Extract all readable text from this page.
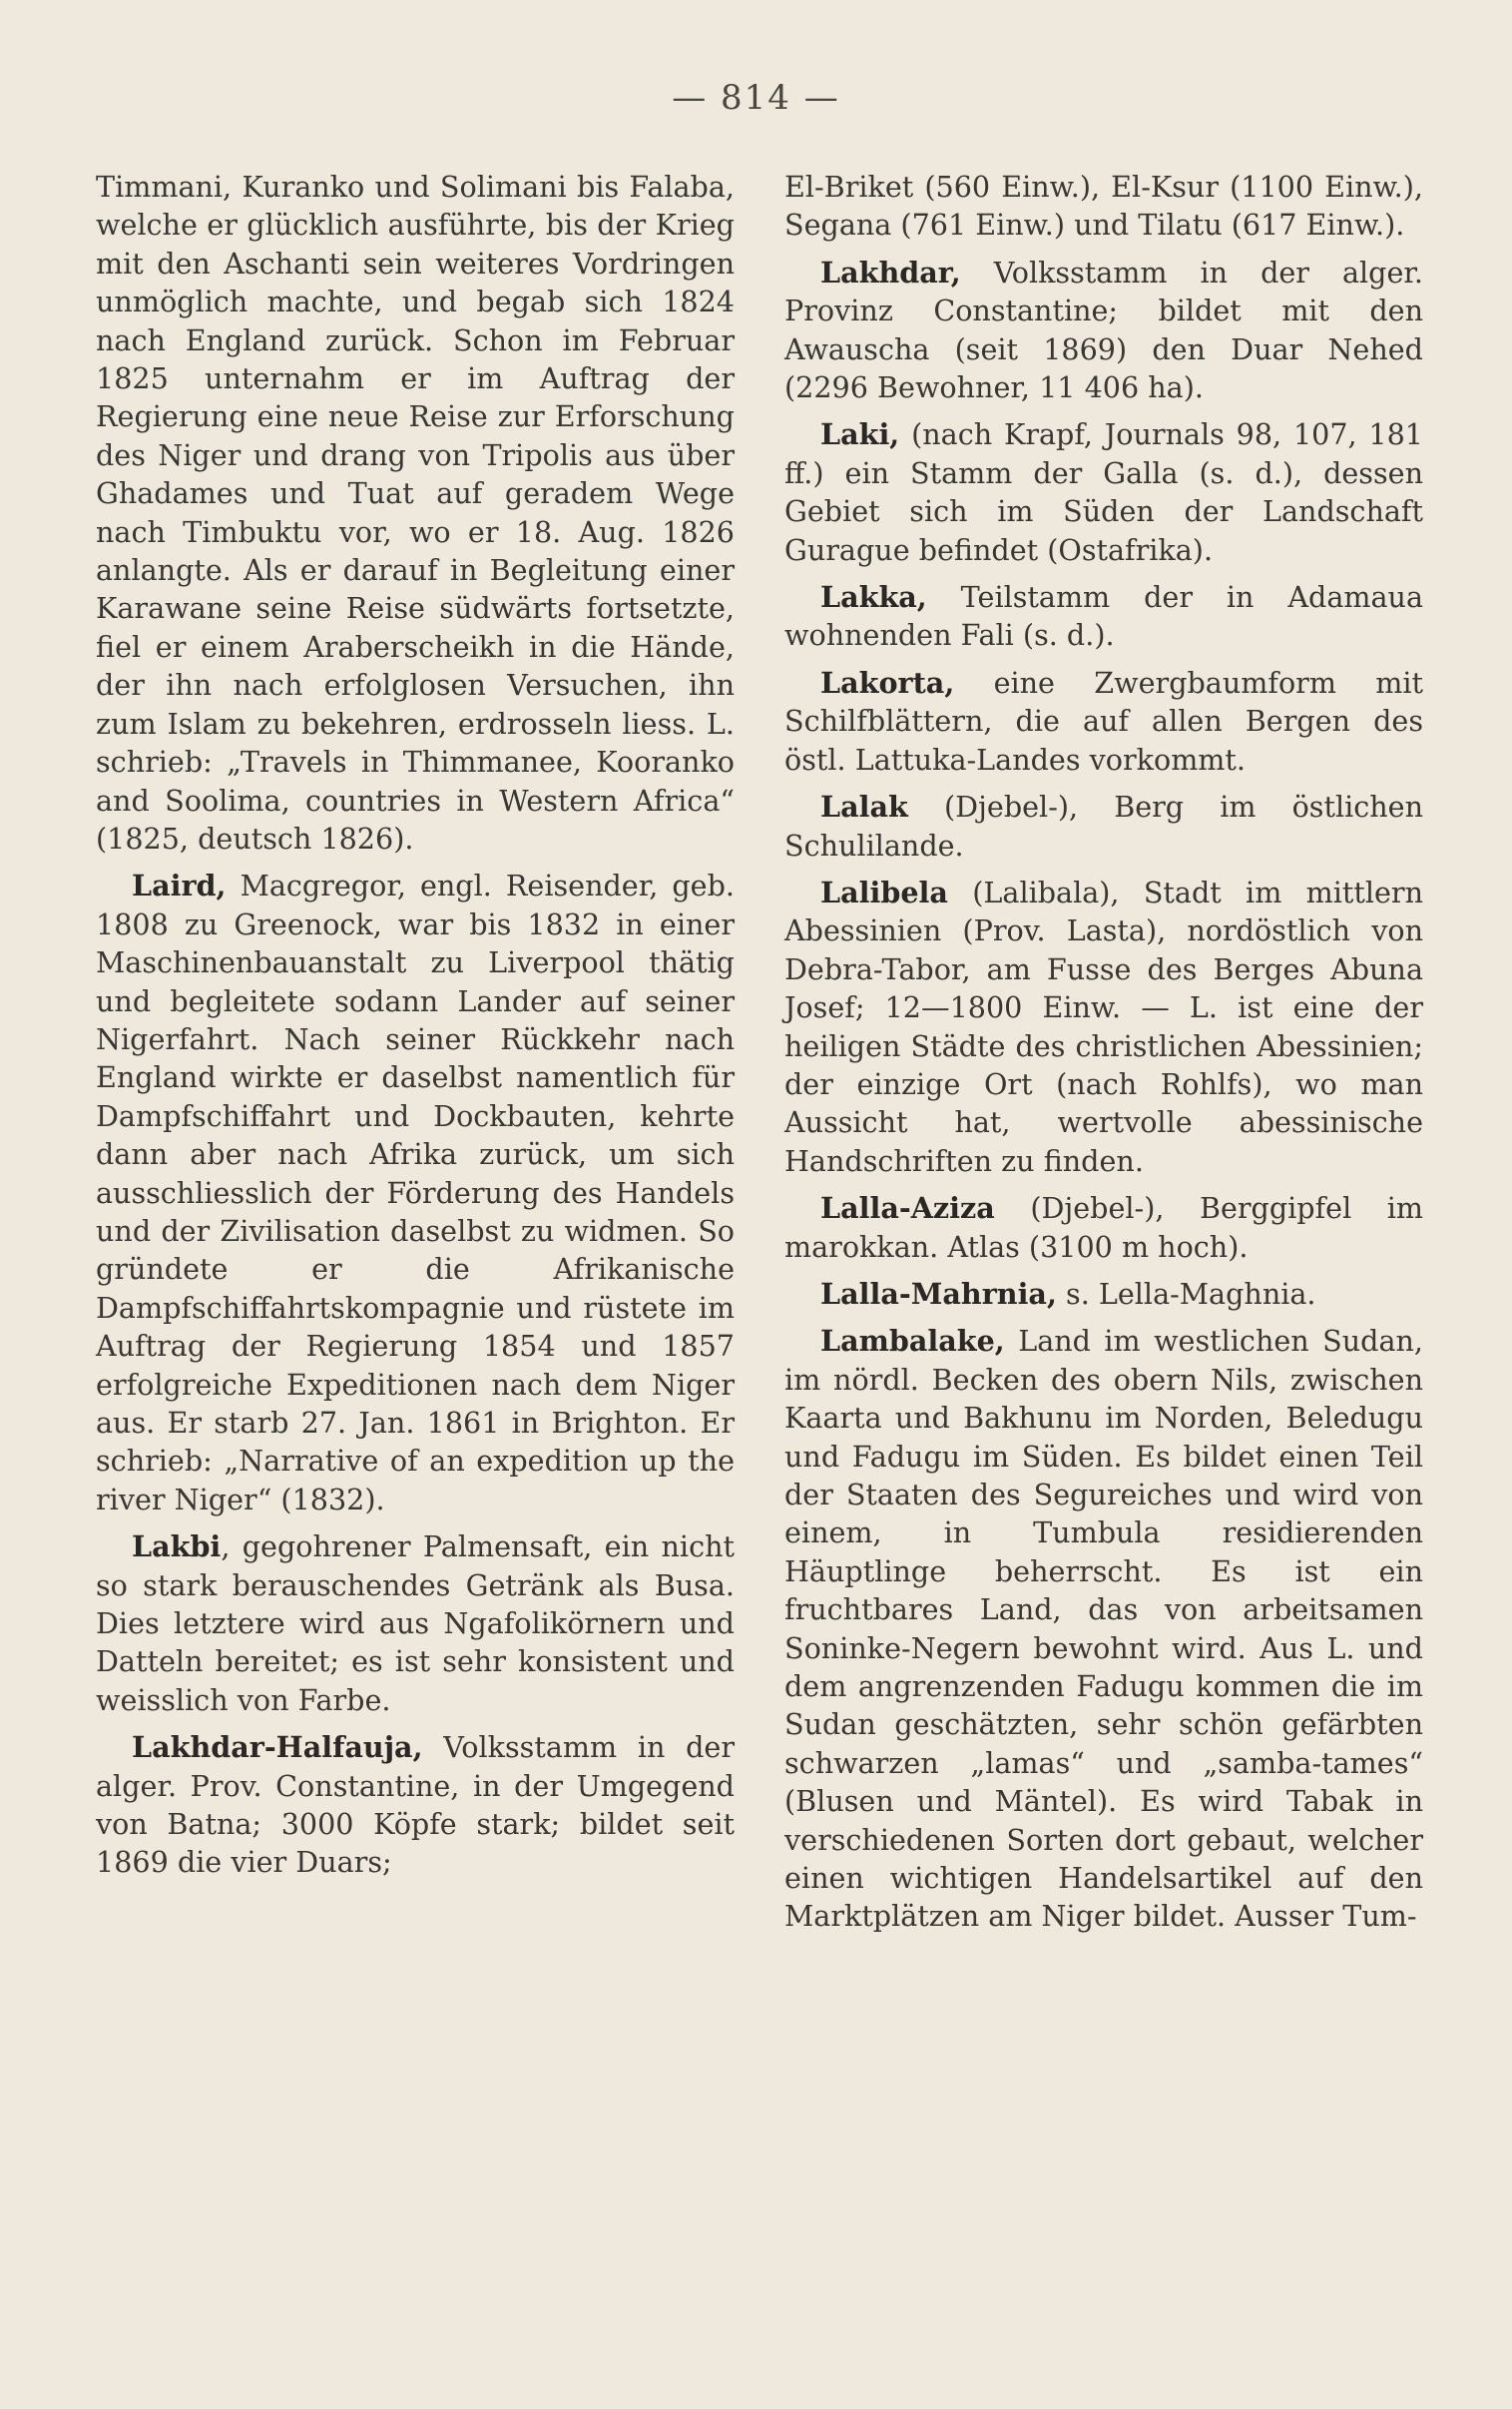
— 814 —

Timmani, Kuranko und Solimani bis Falaba, welche er glücklich ausführte, bis der Krieg mit den Aschanti sein weiteres Vordringen unmöglich machte, und begab sich 1824 nach England zurück. Schon im Februar 1825 unternahm er im Auftrag der Regierung eine neue Reise zur Erforschung des Niger und drang von Tripolis aus über Ghadames und Tuat auf geradem Wege nach Timbuktu vor, wo er 18. Aug. 1826 anlangte. Als er darauf in Begleitung einer Karawane seine Reise südwärts fortsetzte, fiel er einem Araberscheikh in die Hände, der ihn nach erfolglosen Versuchen, ihn zum Islam zu bekehren, erdrosseln liess. L. schrieb: „Travels in Thimmanee, Kooranko and Soolima, countries in Western Africa“ (1825, deutsch 1826).

Laird, Macgregor, engl. Reisender, geb. 1808 zu Greenock, war bis 1832 in einer Maschinenbauanstalt zu Liverpool thätig und begleitete sodann Lander auf seiner Nigerfahrt. Nach seiner Rückkehr nach England wirkte er daselbst namentlich für Dampfschiffahrt und Dockbauten, kehrte dann aber nach Afrika zurück, um sich ausschliesslich der Förderung des Handels und der Zivilisation daselbst zu widmen. So gründete er die Afrikanische Dampfschiffahrtskompagnie und rüstete im Auftrag der Regierung 1854 und 1857 erfolgreiche Expeditionen nach dem Niger aus. Er starb 27. Jan. 1861 in Brighton. Er schrieb: „Narrative of an expedition up the river Niger“ (1832).

Lakbi, gegohrener Palmensaft, ein nicht so stark berauschendes Getränk als Busa. Dies letztere wird aus Ngafolikörnern und Datteln bereitet; es ist sehr konsistent und weisslich von Farbe.

Lakhdar-Halfauja, Volksstamm in der alger. Prov. Constantine, in der Umgegend von Batna; 3000 Köpfe stark; bildet seit 1869 die vier Duars;

El-Briket (560 Einw.), El-Ksur (1100 Einw.), Segana (761 Einw.) und Tilatu (617 Einw.).

Lakhdar, Volksstamm in der alger. Provinz Constantine; bildet mit den Awauscha (seit 1869) den Duar Nehed (2296 Bewohner, 11 406 ha).

Laki, (nach Krapf, Journals 98, 107, 181 ff.) ein Stamm der Galla (s. d.), dessen Gebiet sich im Süden der Landschaft Gurague befindet (Ostafrika).

Lakka, Teilstamm der in Adamaua wohnenden Fali (s. d.).

Lakorta, eine Zwergbaumform mit Schilfblättern, die auf allen Bergen des östl. Lattuka-Landes vorkommt.

Lalak (Djebel-), Berg im östlichen Schulilande.

Lalibela (Lalibala), Stadt im mittlern Abessinien (Prov. Lasta), nordöstlich von Debra-Tabor, am Fusse des Berges Abuna Josef; 12—1800 Einw. — L. ist eine der heiligen Städte des christlichen Abessinien; der einzige Ort (nach Rohlfs), wo man Aussicht hat, wertvolle abessinische Handschriften zu finden.

Lalla-Aziza (Djebel-), Berggipfel im marokkan. Atlas (3100 m hoch).

Lalla-Mahrnia, s. Lella-Maghnia.

Lambalake, Land im westlichen Sudan, im nördl. Becken des obern Nils, zwischen Kaarta und Bakhunu im Norden, Beledugu und Fadugu im Süden. Es bildet einen Teil der Staaten des Segureiches und wird von einem, in Tumbula residierenden Häuptlinge beherrscht. Es ist ein fruchtbares Land, das von arbeitsamen Soninke-Negern bewohnt wird. Aus L. und dem angrenzenden Fadugu kommen die im Sudan geschätzten, sehr schön gefärbten schwarzen „lamas“ und „samba-tames“ (Blusen und Mäntel). Es wird Tabak in verschiedenen Sorten dort gebaut, welcher einen wichtigen Handelsartikel auf den Marktplätzen am Niger bildet. Ausser Tum-
